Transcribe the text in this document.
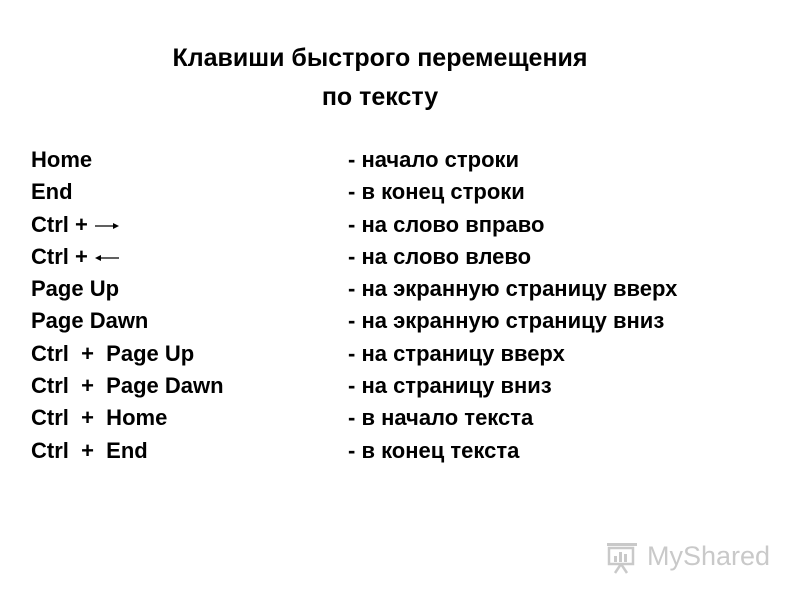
Клавиши быстрого перемещения
по тексту
Home	- начало строки
End	- в конец строки
Ctrl +	- на слово вправо
Ctrl +	- на слово влево
Page Up	- на экранную страницу вверх
Page Dawn	- на экранную страницу вниз
Ctrl  +  Page Up	- на страницу вверх
Ctrl  +  Page Dawn	- на страницу вниз
Ctrl  +  Home	- в начало текста
Ctrl  +  End	- в конец текста
MyShared
